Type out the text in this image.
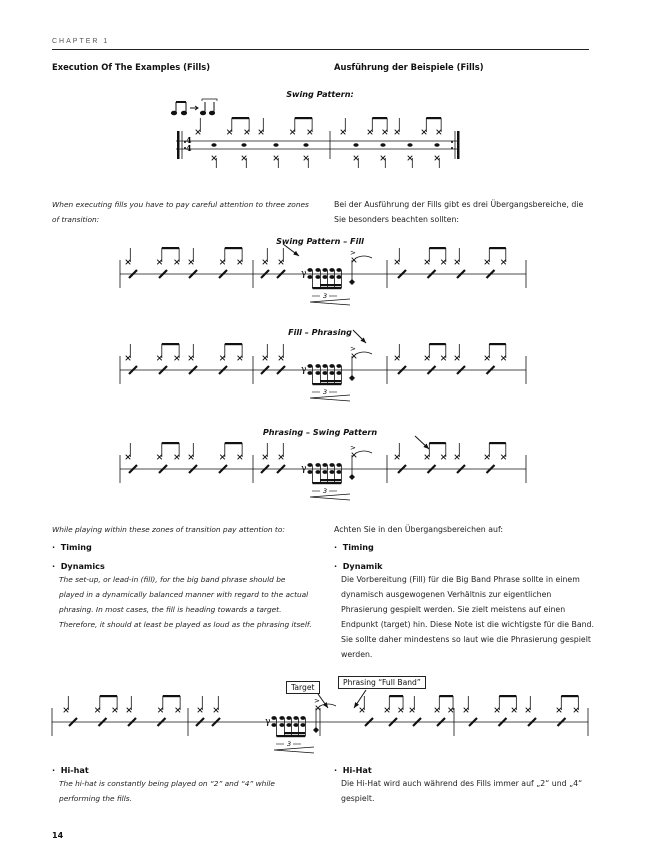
CHAPTER 1
Execution Of The Examples (Fills)	Ausführung der Beispiele (Fills)
Swing Pattern:
4
4
When executing fills you have to pay careful attention to three zones of transition:
Bei der Ausführung der Fills gibt es drei Übergangsbereiche, die Sie besonders beachten sollten:
Swing Pattern – Fill
Fill – Phrasing
Phrasing – Swing Pattern
γ
3
>
γ
3
>
γ
3
>
γ
3
>
While playing within these zones of transition pay attention to:	Achten Sie in den Übergangsbereichen auf:
· Timing	· Timing
· Dynamics	· Dynamik
The set-up, or lead-in (fill), for the big band phrase should be played in a dynamically balanced manner with regard to the actual phrasing. In most cases, the fill is heading towards a target. Therefore, it should at least be played as loud as the phrasing itself.
Die Vorbereitung (Fill) für die Big Band Phrase sollte in einem dynamisch ausgewogenen Verhältnis zur eigentlichen Phrasierung gespielt werden. Sie zielt meistens auf einen Endpunkt (target) hin. Diese Note ist die wichtigste für die Band. Sie sollte daher mindestens so laut wie die Phrasierung gespielt werden.
Target
Phrasing “Full Band”
· Hi-hat	· Hi-Hat
The hi-hat is constantly being played on “2” and “4” while performing the fills.
Die Hi-Hat wird auch während des Fills immer auf „2“ und „4“ gespielt.
14
